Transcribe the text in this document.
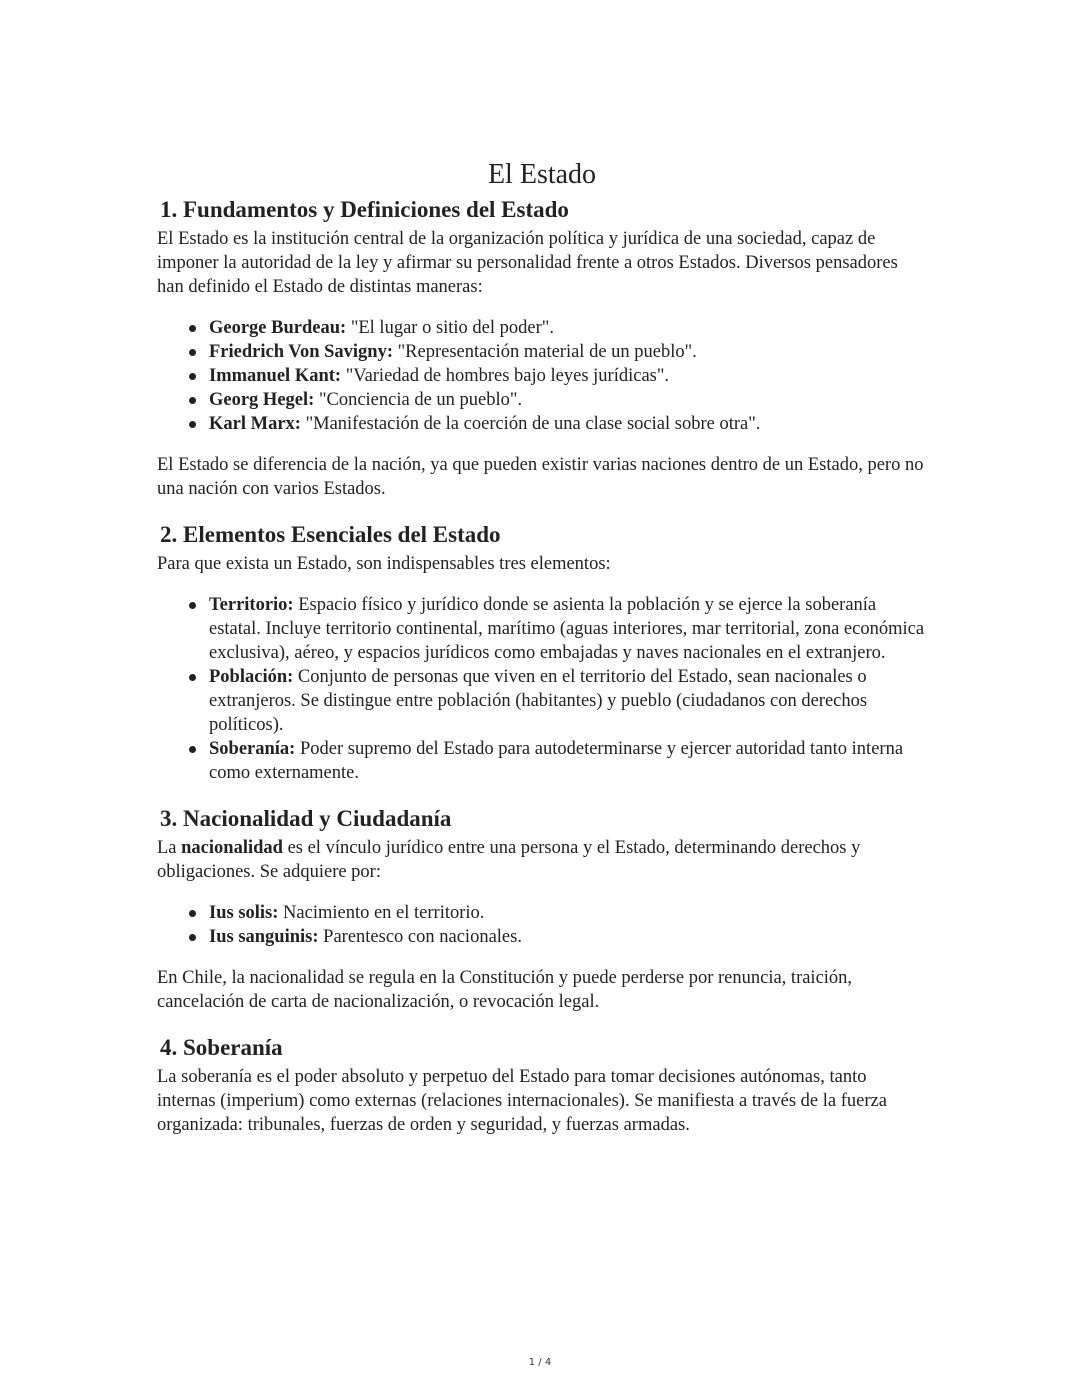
El Estado
1. Fundamentos y Definiciones del Estado

El Estado es la institución central de la organización política y jurídica de una sociedad, capaz de imponer la autoridad de la ley y afirmar su personalidad frente a otros Estados. Diversos pensadores han definido el Estado de distintas maneras:

George Burdeau: "El lugar o sitio del poder".
Friedrich Von Savigny: "Representación material de un pueblo".
Immanuel Kant: "Variedad de hombres bajo leyes jurídicas".
Georg Hegel: "Conciencia de un pueblo".
Karl Marx: "Manifestación de la coerción de una clase social sobre otra".

El Estado se diferencia de la nación, ya que pueden existir varias naciones dentro de un Estado, pero no una nación con varios Estados.

2. Elementos Esenciales del Estado

Para que exista un Estado, son indispensables tres elementos:

Territorio: Espacio físico y jurídico donde se asienta la población y se ejerce la soberanía estatal. Incluye territorio continental, marítimo (aguas interiores, mar territorial, zona económica exclusiva), aéreo, y espacios jurídicos como embajadas y naves nacionales en el extranjero.
Población: Conjunto de personas que viven en el territorio del Estado, sean nacionales o extranjeros. Se distingue entre población (habitantes) y pueblo (ciudadanos con derechos políticos).
Soberanía: Poder supremo del Estado para autodeterminarse y ejercer autoridad tanto interna como externamente.
3. Nacionalidad y Ciudadanía

La nacionalidad es el vínculo jurídico entre una persona y el Estado, determinando derechos y obligaciones. Se adquiere por:

Ius solis: Nacimiento en el territorio.
Ius sanguinis: Parentesco con nacionales.

En Chile, la nacionalidad se regula en la Constitución y puede perderse por renuncia, traición, cancelación de carta de nacionalización, o revocación legal.

4. Soberanía

La soberanía es el poder absoluto y perpetuo del Estado para tomar decisiones autónomas, tanto internas (imperium) como externas (relaciones internacionales). Se manifiesta a través de la fuerza organizada: tribunales, fuerzas de orden y seguridad, y fuerzas armadas.

1 / 4
